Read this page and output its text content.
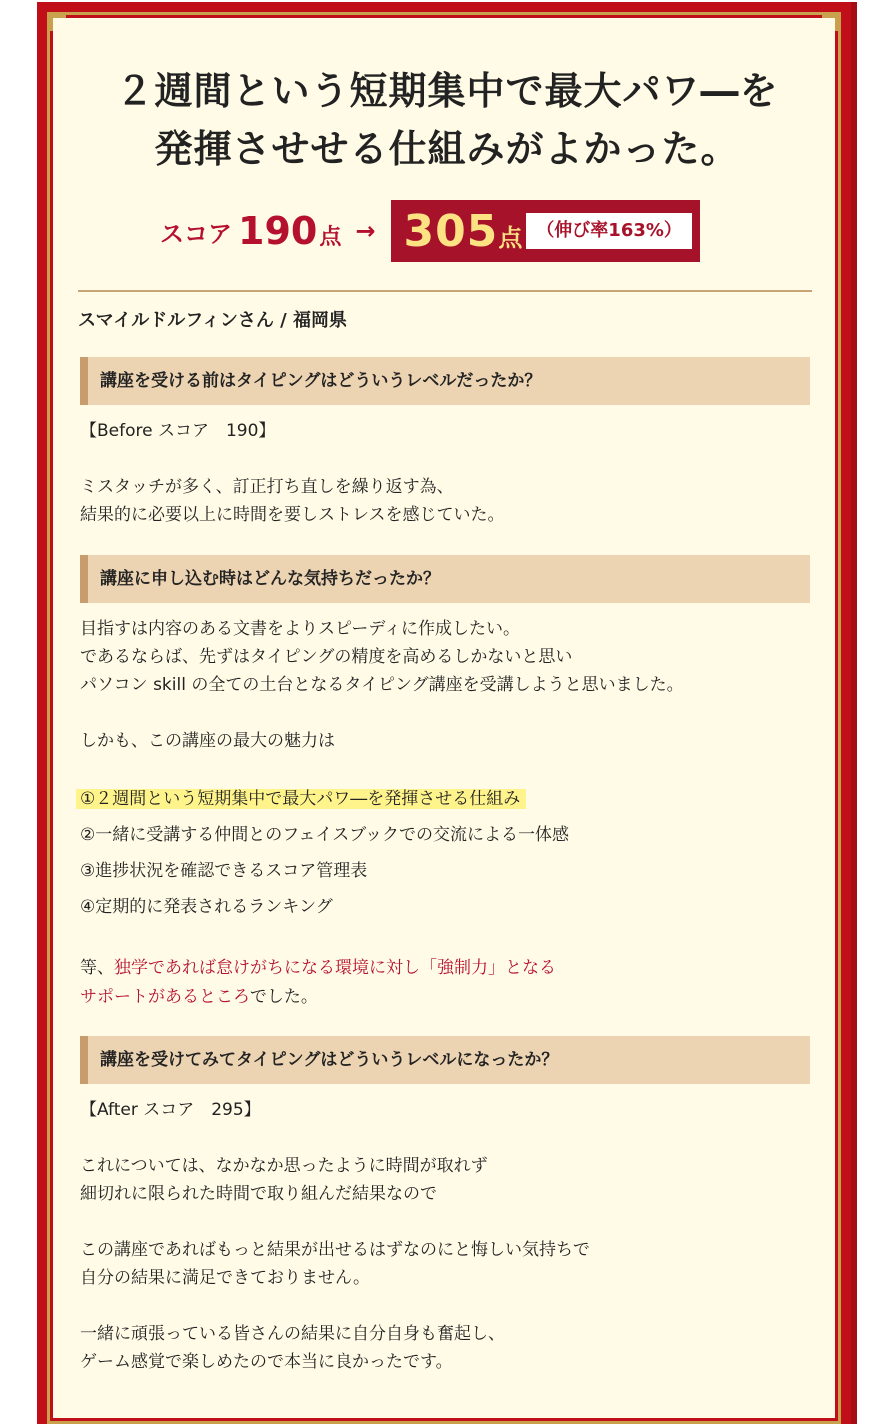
２週間という短期集中で最大パワ―を
発揮させせる仕組みがよかった。
スコア 190 点 → 305 点 （伸び率163%）
スマイルドルフィンさん / 福岡県
講座を受ける前はタイピングはどういうレベルだったか？
【Before スコア　190】
ミスタッチが多く、訂正打ち直しを繰り返す為、
結果的に必要以上に時間を要しストレスを感じていた。
講座に申し込む時はどんな気持ちだったか？
目指すは内容のある文書をよりスピーディに作成したい。
であるならば、先ずはタイピングの精度を高めるしかないと思い
パソコン skill の全ての土台となるタイピング講座を受講しようと思いました。
しかも、この講座の最大の魅力は
①２週間という短期集中で最大パワ―を発揮させる仕組み
②一緒に受講する仲間とのフェイスブックでの交流による一体感
③進捗状況を確認できるスコア管理表
④定期的に発表されるランキング
等、独学であれば怠けがちになる環境に対し「強制力」となる
サポートがあるところでした。
講座を受けてみてタイピングはどういうレベルになったか？
【After スコア　295】
これについては、なかなか思ったように時間が取れず
細切れに限られた時間で取り組んだ結果なので
この講座であればもっと結果が出せるはずなのにと悔しい気持ちで
自分の結果に満足できておりません。
一緒に頑張っている皆さんの結果に自分自身も奮起し、
ゲーム感覚で楽しめたので本当に良かったです。
